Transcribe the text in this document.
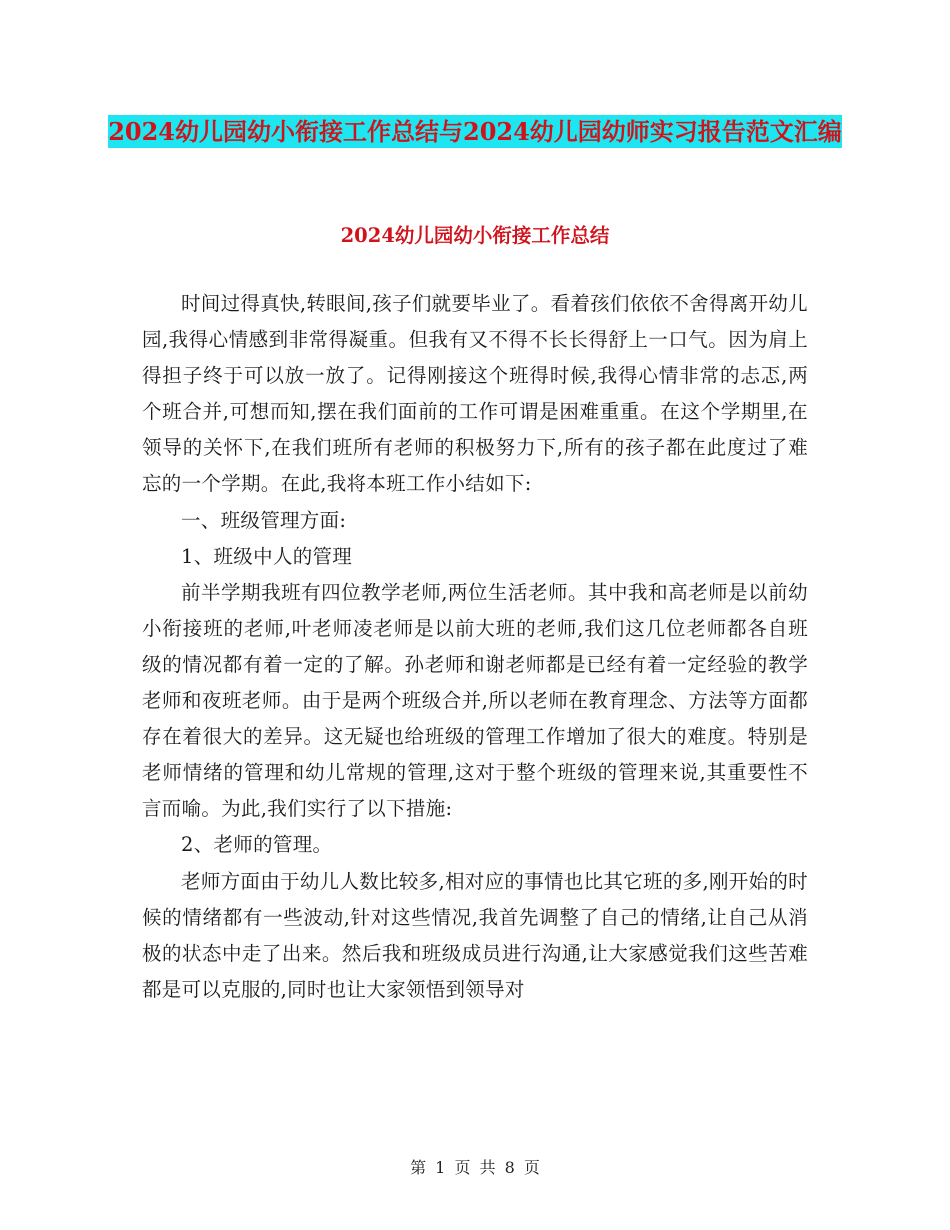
2024幼儿园幼小衔接工作总结与2024幼儿园幼师实习报告范文汇编
2024幼儿园幼小衔接工作总结

时间过得真快,转眼间,孩子们就要毕业了。看着孩们依依不舍得离开幼儿园,我得心情感到非常得凝重。但我有又不得不长长得舒上一口气。因为肩上得担子终于可以放一放了。记得刚接这个班得时候,我得心情非常的忐忑,两个班合并,可想而知,摆在我们面前的工作可谓是困难重重。在这个学期里,在领导的关怀下,在我们班所有老师的积极努力下,所有的孩子都在此度过了难忘的一个学期。在此,我将本班工作小结如下:

一、班级管理方面:

1、班级中人的管理

前半学期我班有四位教学老师,两位生活老师。其中我和高老师是以前幼小衔接班的老师,叶老师凌老师是以前大班的老师,我们这几位老师都各自班级的情况都有着一定的了解。孙老师和谢老师都是已经有着一定经验的教学老师和夜班老师。由于是两个班级合并,所以老师在教育理念、方法等方面都存在着很大的差异。这无疑也给班级的管理工作增加了很大的难度。特别是老师情绪的管理和幼儿常规的管理,这对于整个班级的管理来说,其重要性不言而喻。为此,我们实行了以下措施:

2、老师的管理。

老师方面由于幼儿人数比较多,相对应的事情也比其它班的多,刚开始的时候的情绪都有一些波动,针对这些情况,我首先调整了自己的情绪,让自己从消极的状态中走了出来。然后我和班级成员进行沟通,让大家感觉我们这些苦难都是可以克服的,同时也让大家领悟到领导对

第 1 页 共 8 页
